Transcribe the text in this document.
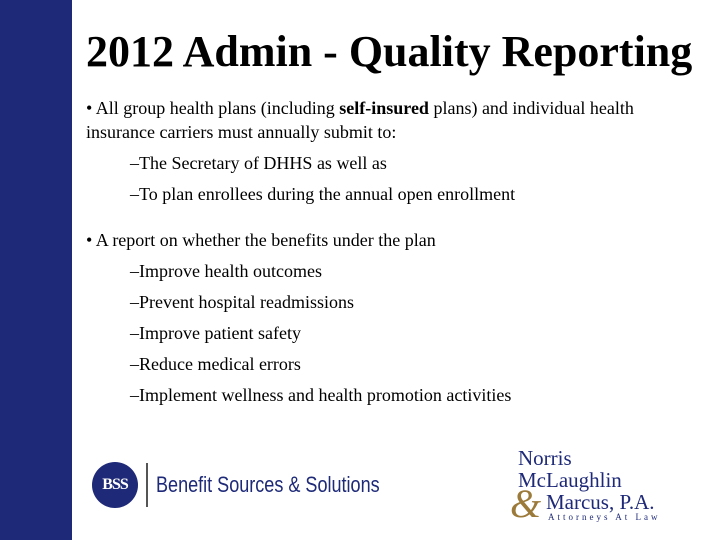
2012 Admin - Quality Reporting

• All group health plans (including self-insured plans) and individual health insurance carriers must annually submit to:

–The Secretary of DHHS as well as

–To plan enrollees during the annual open enrollment

• A report on whether the benefits under the plan

–Improve health outcomes

–Prevent hospital readmissions

–Improve patient safety

–Reduce medical errors

–Implement wellness and health promotion activities

BSS	Benefit Sources & Solutions
Norris
McLaughlin
& Marcus, P.A.
Attorneys At Law
